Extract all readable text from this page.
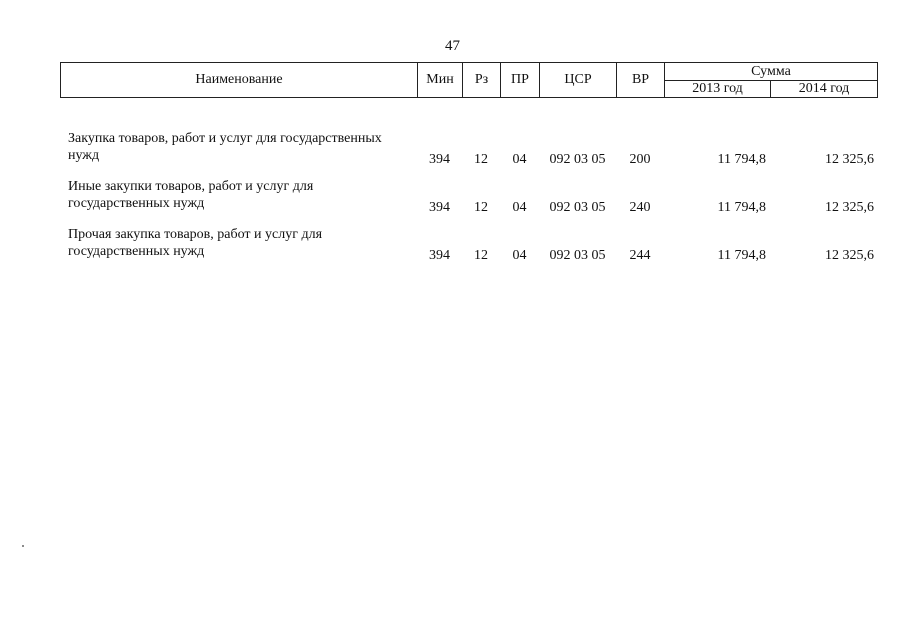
47
Наименование	Мин	Рз	ПР	ЦСР	ВР
Сумма
2013 год	2014 год
Закупка товаров, работ и услуг для государственных
нужд	394	12	04	092 03 05	200	11 794,8	12 325,6
Иные закупки товаров, работ и услуг для
государственных нужд	394	12	04	092 03 05	240	11 794,8	12 325,6
Прочая закупка товаров, работ и услуг для
государственных нужд	394	12	04	092 03 05	244	11 794,8	12 325,6
